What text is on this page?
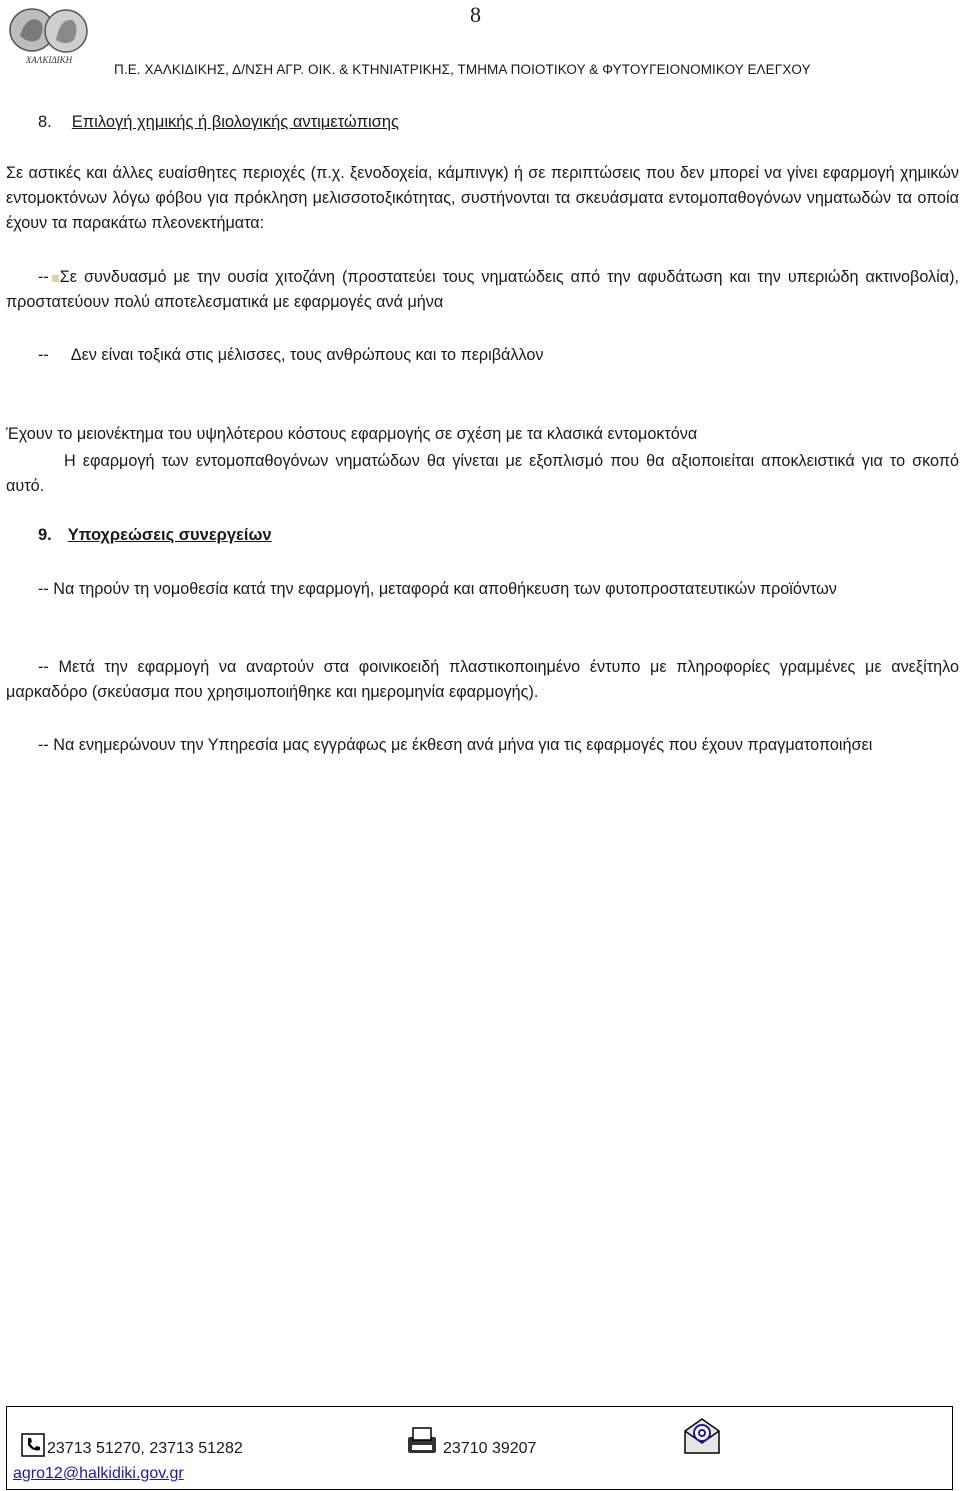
ΧΑΛΚΙΔΙΚΗ
8
Π.Ε. ΧΑΛΚΙΔΙΚΗΣ, Δ/ΝΣΗ ΑΓΡ. ΟΙΚ. & ΚΤΗΝΙΑΤΡΙΚΗΣ, ΤΜΗΜΑ ΠΟΙΟΤΙΚΟΥ & ΦΥΤΟΥΓΕΙΟΝΟΜΙΚΟΥ ΕΛΕΓΧΟΥ
8. Επιλογή χημικής ή βιολογικής αντιμετώπισης
Σε αστικές και άλλες ευαίσθητες περιοχές (π.χ. ξενοδοχεία, κάμπινγκ) ή σε περιπτώσεις που δεν μπορεί να γίνει εφαρμογή χημικών εντομοκτόνων λόγω φόβου για πρόκληση μελισσοτοξικότητας, συστήνονται τα σκευάσματα εντομοπαθογόνων νηματωδών τα οποία έχουν τα παρακάτω πλεονεκτήματα:
-- Σε συνδυασμό με την ουσία χιτοζάνη (προστατεύει τους νηματώδεις από την αφυδάτωση και την υπεριώδη ακτινοβολία), προστατεύουν πολύ αποτελεσματικά με εφαρμογές ανά μήνα
-- Δεν είναι τοξικά στις μέλισσες, τους ανθρώπους και το περιβάλλον
Έχουν το μειονέκτημα του υψηλότερου κόστους εφαρμογής σε σχέση με τα κλασικά εντομοκτόνα
Η εφαρμογή των εντομοπαθογόνων νηματώδων θα γίνεται με εξοπλισμό που θα αξιοποιείται αποκλειστικά για το σκοπό αυτό.
9. Υποχρεώσεις συνεργείων
-- Να τηρούν τη νομοθεσία κατά την εφαρμογή, μεταφορά και αποθήκευση των φυτοπροστατευτικών προϊόντων
-- Μετά την εφαρμογή να αναρτούν στα φοινικοειδή πλαστικοποιημένο έντυπο με πληροφορίες γραμμένες με ανεξίτηλο μαρκαδόρο (σκεύασμα που χρησιμοποιήθηκε και ημερομηνία εφαρμογής).
-- Να ενημερώνουν την Υπηρεσία μας εγγράφως με έκθεση ανά μήνα για τις εφαρμογές που έχουν πραγματοποιήσει
23713 51270, 23713 51282	23710 39207
agro12@halkidiki.gov.gr
